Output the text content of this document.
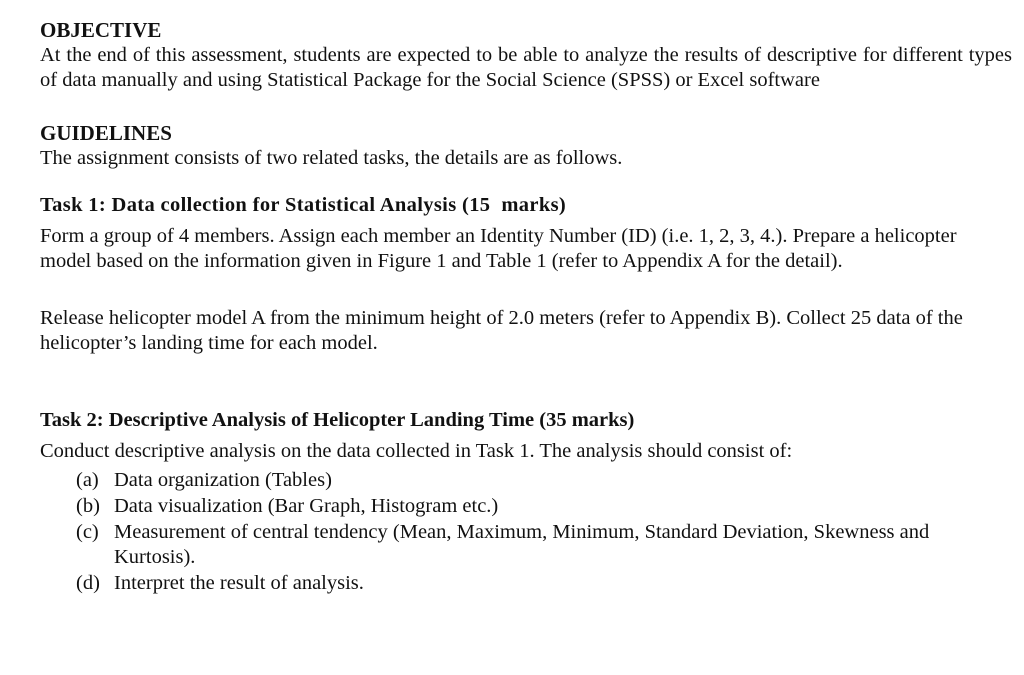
OBJECTIVE

At the end of this assessment, students are expected to be able to analyze the results of descriptive for different types of data manually and using Statistical Package for the Social Science (SPSS) or Excel software

GUIDELINES

The assignment consists of two related tasks, the details are as follows.

Task 1: Data collection for Statistical Analysis (15  marks)

Form a group of 4 members. Assign each member an Identity Number (ID) (i.e. 1, 2, 3, 4.). Prepare a helicopter model based on the information given in Figure 1 and Table 1 (refer to Appendix A for the detail).

Release helicopter model A from the minimum height of 2.0 meters (refer to Appendix B). Collect 25 data of the helicopter’s landing time for each model.

Task 2: Descriptive Analysis of Helicopter Landing Time (35 marks)

Conduct descriptive analysis on the data collected in Task 1. The analysis should consist of:

(a) Data organization (Tables)
(b) Data visualization (Bar Graph, Histogram etc.)
(c) Measurement of central tendency (Mean, Maximum, Minimum, Standard Deviation, Skewness and Kurtosis).
(d) Interpret the result of analysis.
